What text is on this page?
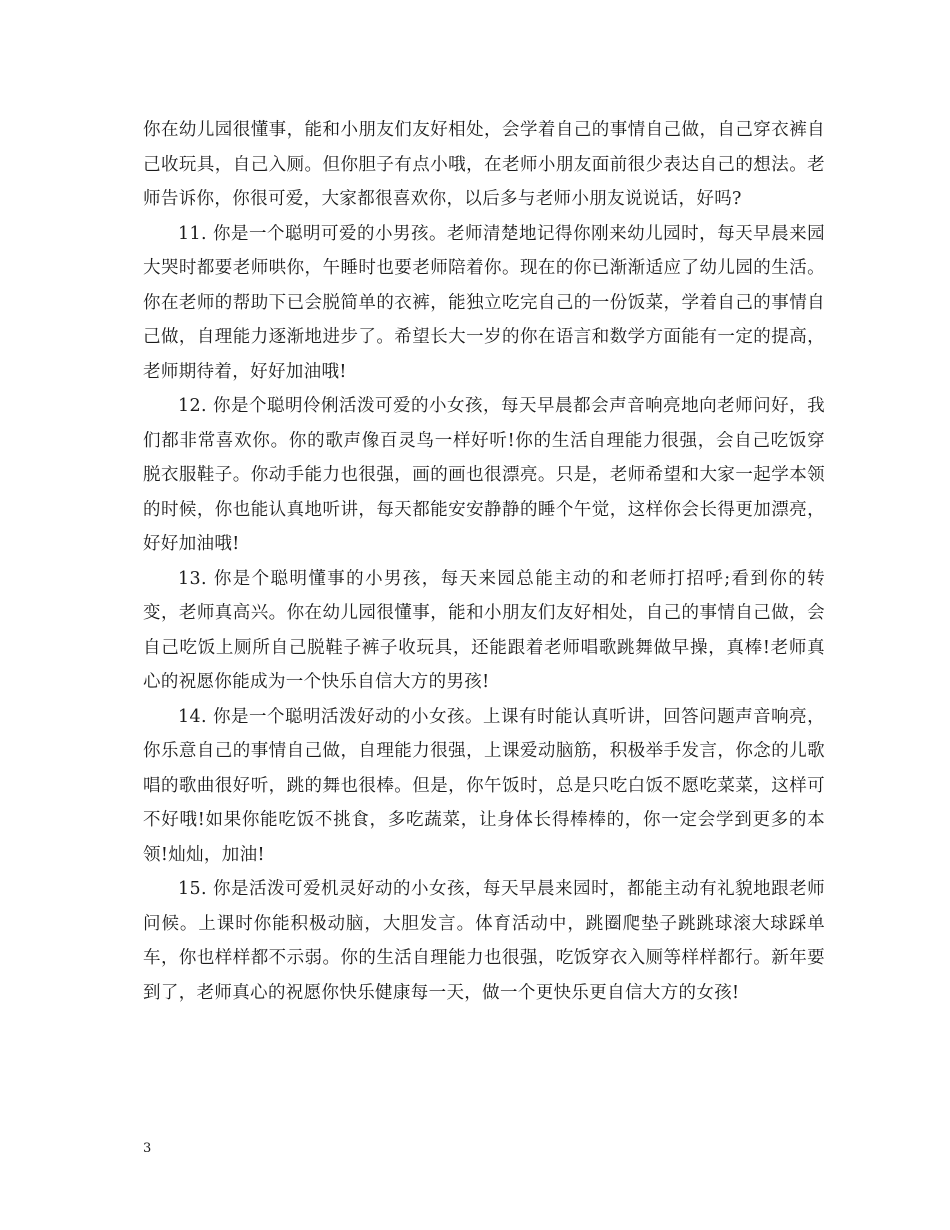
你在幼儿园很懂事，能和小朋友们友好相处，会学着自己的事情自己做，自己穿衣裤自己收玩具，自己入厕。但你胆子有点小哦，在老师小朋友面前很少表达自己的想法。老师告诉你，你很可爱，大家都很喜欢你，以后多与老师小朋友说说话，好吗?

11. 你是一个聪明可爱的小男孩。老师清楚地记得你刚来幼儿园时，每天早晨来园大哭时都要老师哄你，午睡时也要老师陪着你。现在的你已渐渐适应了幼儿园的生活。你在老师的帮助下已会脱简单的衣裤，能独立吃完自己的一份饭菜，学着自己的事情自己做，自理能力逐渐地进步了。希望长大一岁的你在语言和数学方面能有一定的提高，老师期待着，好好加油哦!

12. 你是个聪明伶俐活泼可爱的小女孩，每天早晨都会声音响亮地向老师问好，我们都非常喜欢你。你的歌声像百灵鸟一样好听!你的生活自理能力很强，会自己吃饭穿脱衣服鞋子。你动手能力也很强，画的画也很漂亮。只是，老师希望和大家一起学本领的时候，你也能认真地听讲，每天都能安安静静的睡个午觉，这样你会长得更加漂亮，好好加油哦!

13. 你是个聪明懂事的小男孩，每天来园总能主动的和老师打招呼;看到你的转变，老师真高兴。你在幼儿园很懂事，能和小朋友们友好相处，自己的事情自己做，会自己吃饭上厕所自己脱鞋子裤子收玩具，还能跟着老师唱歌跳舞做早操，真棒!老师真心的祝愿你能成为一个快乐自信大方的男孩!

14. 你是一个聪明活泼好动的小女孩。上课有时能认真听讲，回答问题声音响亮，你乐意自己的事情自己做，自理能力很强，上课爱动脑筋，积极举手发言，你念的儿歌唱的歌曲很好听，跳的舞也很棒。但是，你午饭时，总是只吃白饭不愿吃菜菜，这样可不好哦!如果你能吃饭不挑食，多吃蔬菜，让身体长得棒棒的，你一定会学到更多的本领!灿灿，加油!

15. 你是活泼可爱机灵好动的小女孩，每天早晨来园时，都能主动有礼貌地跟老师问候。上课时你能积极动脑，大胆发言。体育活动中，跳圈爬垫子跳跳球滚大球踩单车，你也样样都不示弱。你的生活自理能力也很强，吃饭穿衣入厕等样样都行。新年要到了，老师真心的祝愿你快乐健康每一天，做一个更快乐更自信大方的女孩!

3
